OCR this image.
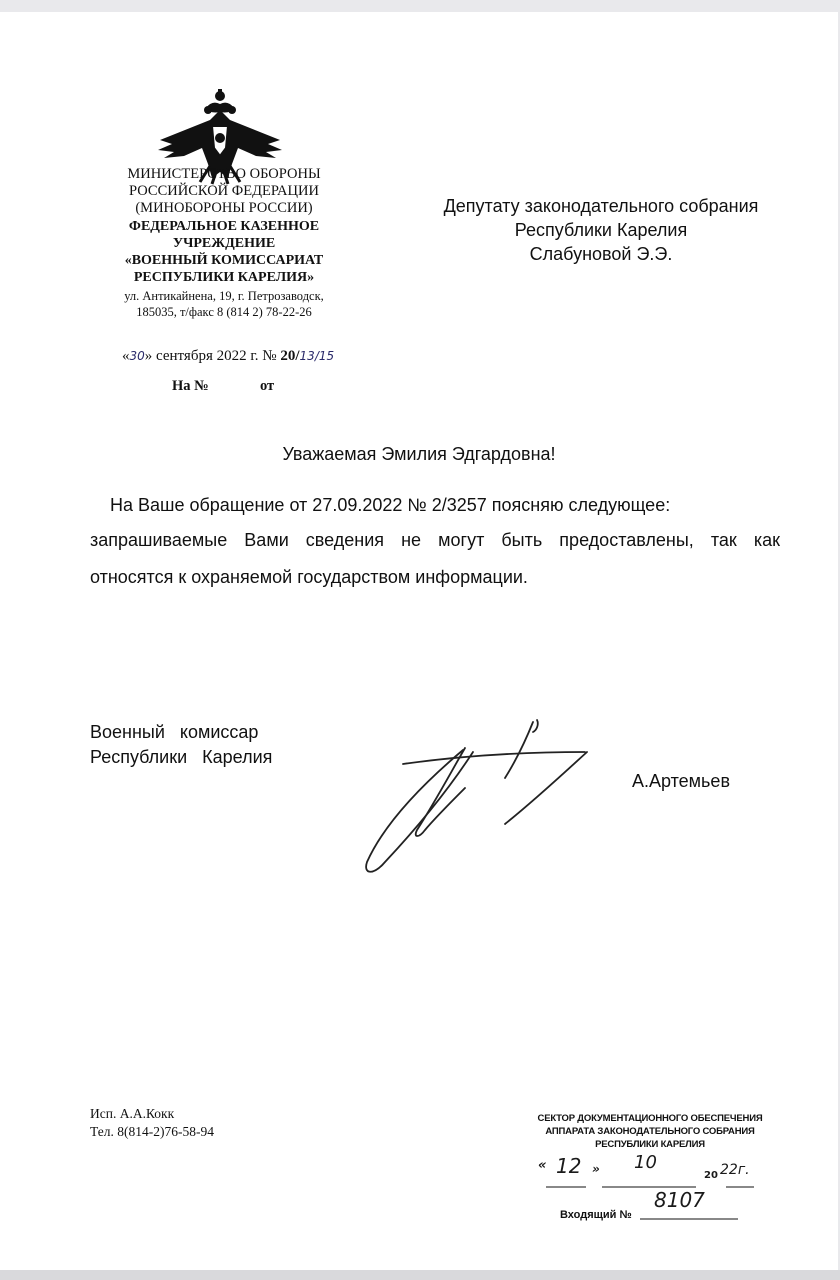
МИНИСТЕРСТВО ОБОРОНЫ
РОССИЙСКОЙ ФЕДЕРАЦИИ
(МИНОБОРОНЫ РОССИИ)
ФЕДЕРАЛЬНОЕ КАЗЕННОЕ
УЧРЕЖДЕНИЕ
«ВОЕННЫЙ КОМИССАРИАТ
РЕСПУБЛИКИ КАРЕЛИЯ»
ул. Антикайнена, 19, г. Петрозаводск,
185035, т/факс 8 (814 2) 78-22-26
«30» сентября 2022 г. № 20/13/15
На №	от
Депутату законодательного собрания
Республики Карелия
Слабуновой Э.Э.
Уважаемая Эмилия Эдгардовна!
На Ваше обращение от 27.09.2022 № 2/3257 поясняю следующее:
запрашиваемые Вами сведения не могут быть предоставлены, так как
относятся к охраняемой государством информации.
Военный комиссар
Республики Карелия
А.Артемьев
Исп. А.А.Кокк
Тел. 8(814-2)76-58-94
СЕКТОР ДОКУМЕНТАЦИОННОГО ОБЕСПЕЧЕНИЯ
АППАРАТА ЗАКОНОДАТЕЛЬНОГО СОБРАНИЯ
РЕСПУБЛИКИ КАРЕЛИЯ
« 12 » 10
20 22г.
Входящий №
8107
